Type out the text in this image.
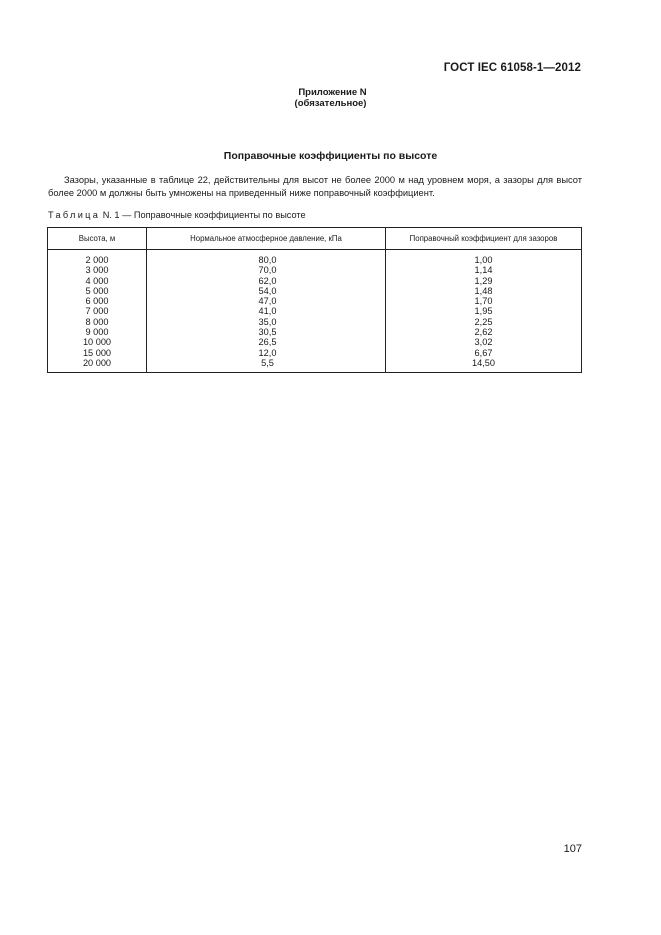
ГОСТ IEC 61058-1—2012
Приложение N
(обязательное)
Поправочные коэффициенты по высоте

Зазоры, указанные в таблице 22, действительны для высот не более 2000 м над уровнем моря, а зазоры для высот более 2000 м должны быть умножены на приведенный ниже поправочный коэффициент.

Таблица N. 1 — Поправочные коэффициенты по высоте
Высота, м	Нормальное атмосферное давление, кПа	Поправочный коэффициент для зазоров
2 000	80,0	1,00
3 000	70,0	1,14
4 000	62,0	1,29
5 000	54,0	1,48
6 000	47,0	1,70
7 000	41,0	1,95
8 000	35,0	2,25
9 000	30,5	2,62
10 000	26,5	3,02
15 000	12,0	6,67
20 000	5,5	14,50
107
